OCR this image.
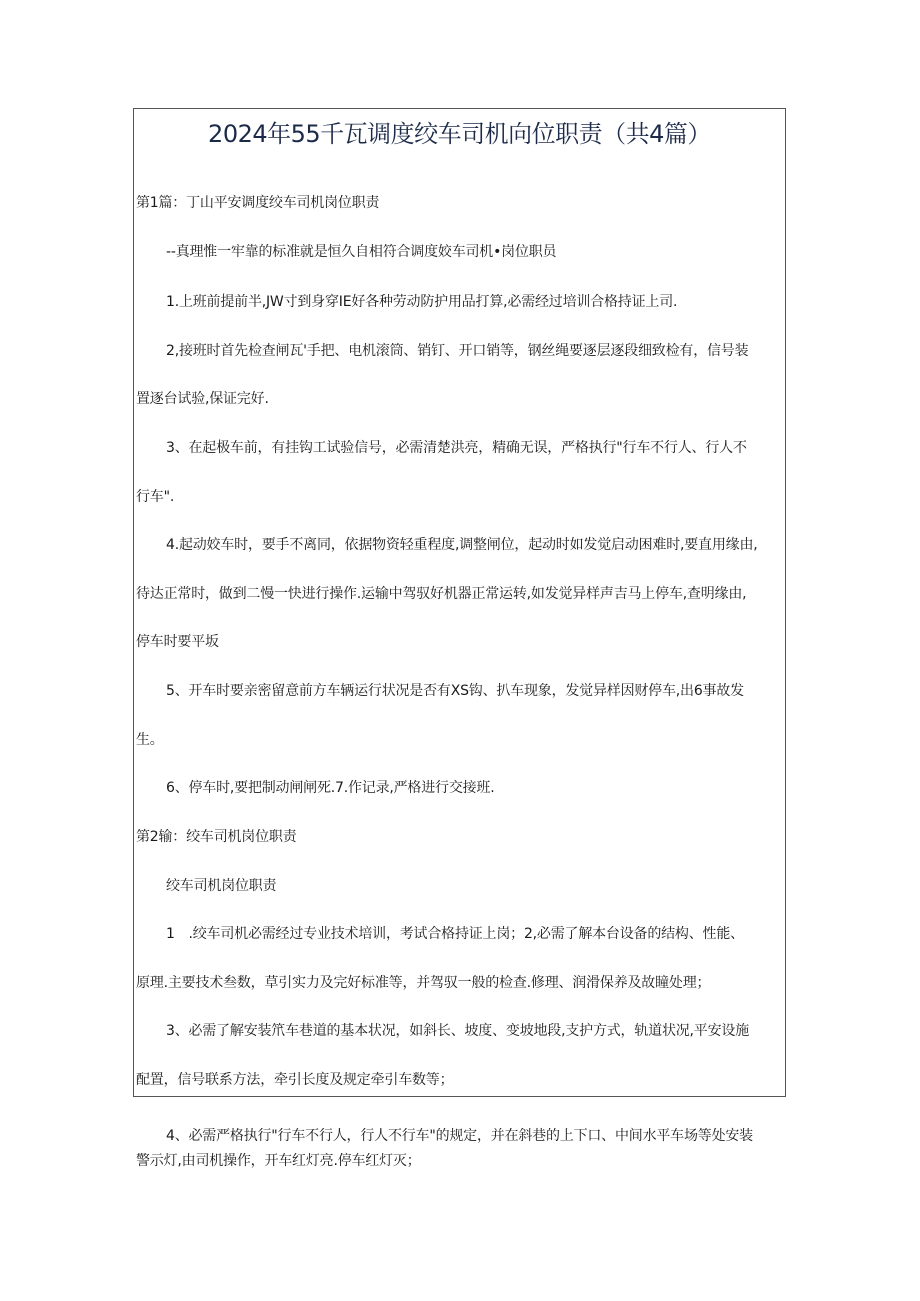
2024年55千瓦调度绞车司机向位职责（共4篇）
第1篇：丁山平安调度绞车司机岗位职责
--真理惟一牢靠的标准就是恒久自相符合调度姣车司机•岗位职员
1.上班前提前半,JW寸到身穿IE好各种劳动防护用品打算,必需经过培训合格持证上司.
2,接班时首先检查闸瓦'手把、电机滚筒、销钉、开口销等，钢丝绳要逐层逐段细致检有，信号装
置逐台试验,保证完好.
3、在起极车前，有挂钩工试验信号，必需清楚洪亮，精确无误，严格执行"行车不行人、行人不
行车".
4.起动姣车时，要手不离同，依据物资轻重程度,调整闸位，起动时如发觉启动困难时,要直用缘由,
待达正常时，做到二慢一快进行操作.运输中驾驭好机器正常运转,如发觉异样声吉马上停车,查明缘由,
停车时要平坂
5、开车时要亲密留意前方车辆运行状况是否有XS钩、扒车现象，发觉异样因财停车,出6事故发
生。
6、停车时,要把制动闸闸死.7.作记录,严格进行交接班.
第2输：绞车司机岗位职责
绞车司机岗位职责
1　.绞车司机必需经过专业技术培训，考试合格持证上岗；2,必需了解本台设备的结构、性能、
原理.主要技术叁数，草引实力及完好标准等，并驾驭一般的检查.修理、润滑保养及故瞳处理；
3、必需了解安装笊车巷道的基本状况，如斜长、坡度、变坡地段,支护方式，轨道状况,平安设施
配置，信号联系方法，牵引长度及规定牵引车数等；
4、必需严格执行"行车不行人，行人不行车"的规定，并在斜巷的上下口、中间水平车场等处安装
警示灯,由司机操作，开车红灯亮.停车红灯灭；
